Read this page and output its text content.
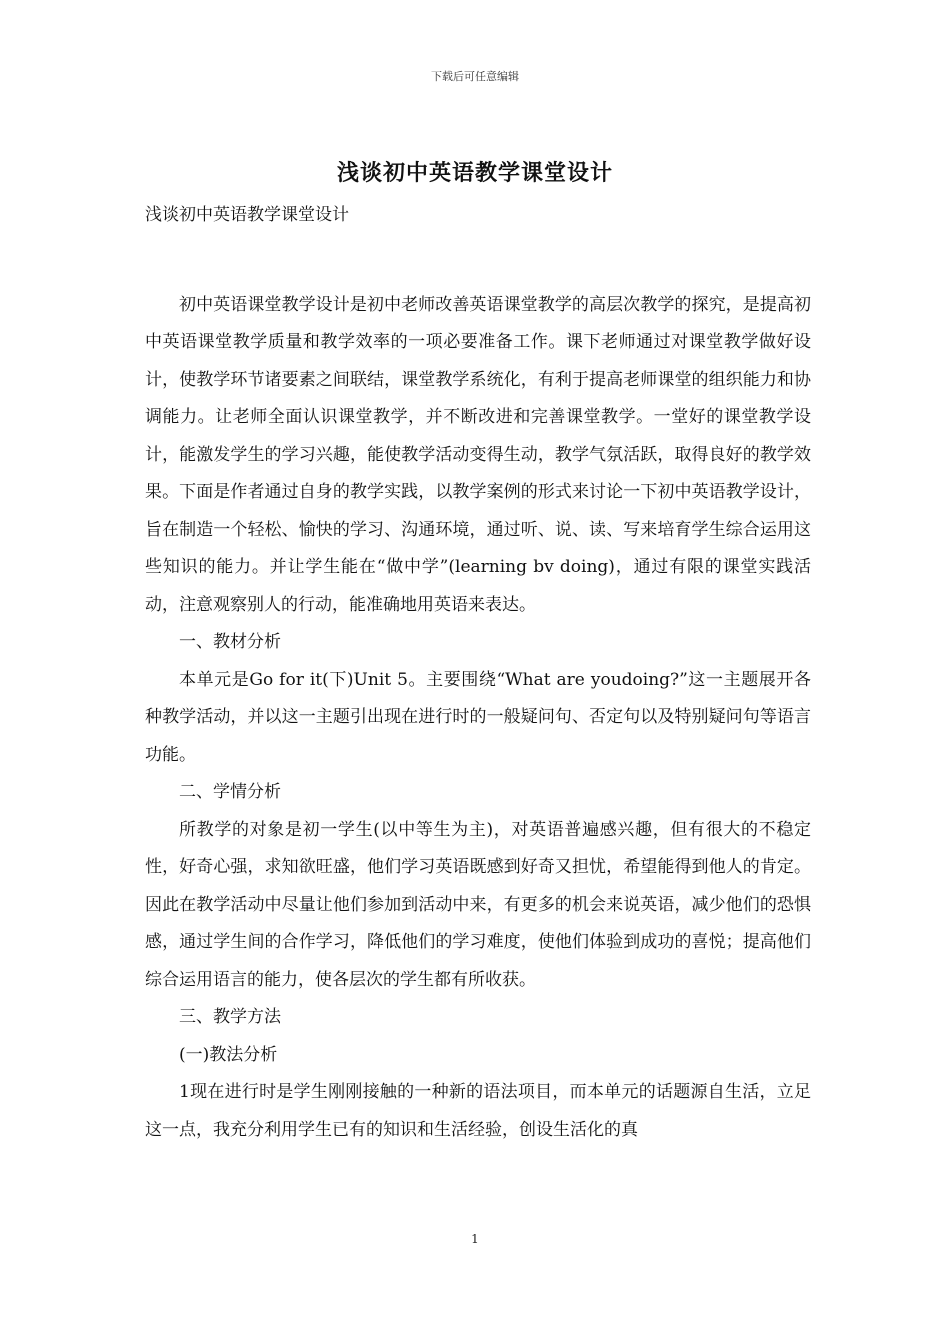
下载后可任意编辑
浅谈初中英语教学课堂设计

浅谈初中英语教学课堂设计

初中英语课堂教学设计是初中老师改善英语课堂教学的高层次教学的探究，是提高初中英语课堂教学质量和教学效率的一项必要准备工作。课下老师通过对课堂教学做好设计，使教学环节诸要素之间联结，课堂教学系统化，有利于提高老师课堂的组织能力和协调能力。让老师全面认识课堂教学，并不断改进和完善课堂教学。一堂好的课堂教学设计，能激发学生的学习兴趣，能使教学活动变得生动，教学气氛活跃，取得良好的教学效果。下面是作者通过自身的教学实践，以教学案例的形式来讨论一下初中英语教学设计，旨在制造一个轻松、愉快的学习、沟通环境，通过听、说、读、写来培育学生综合运用这些知识的能力。并让学生能在“做中学”(learning bv doing)，通过有限的课堂实践活动，注意观察别人的行动，能准确地用英语来表达。

一、教材分析

本单元是Go for it(下)Unit 5。主要围绕“What are youdoing?”这一主题展开各种教学活动，并以这一主题引出现在进行时的一般疑问句、否定句以及特别疑问句等语言功能。

二、学情分析

所教学的对象是初一学生(以中等生为主)，对英语普遍感兴趣，但有很大的不稳定性，好奇心强，求知欲旺盛，他们学习英语既感到好奇又担忧，希望能得到他人的肯定。因此在教学活动中尽量让他们参加到活动中来，有更多的机会来说英语，减少他们的恐惧感，通过学生间的合作学习，降低他们的学习难度，使他们体验到成功的喜悦；提高他们综合运用语言的能力，使各层次的学生都有所收获。

三、教学方法

(一)教法分析

1现在进行时是学生刚刚接触的一种新的语法项目，而本单元的话题源自生活，立足这一点，我充分利用学生已有的知识和生活经验，创设生活化的真

1
